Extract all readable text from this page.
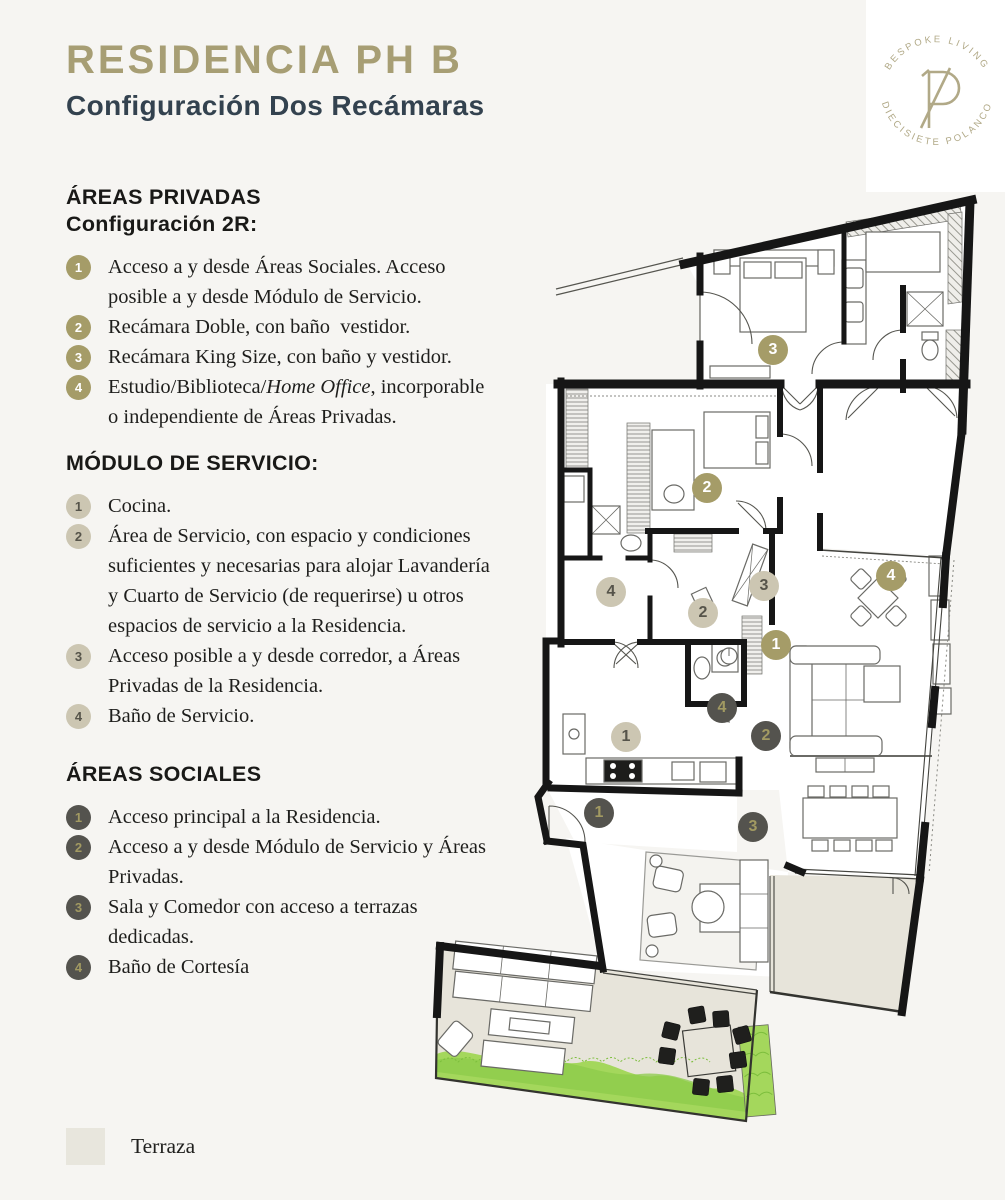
BESPOKE LIVING
DIECISIETE POLANCO
RESIDENCIA PH B
Configuración Dos Recámaras
ÁREAS PRIVADAS
Configuración 2R:
1	Acceso a y desde Áreas Sociales. Acceso posible a y desde Módulo de Servicio.

2	Recámara Doble, con baño  vestidor.

3	Recámara King Size, con baño y vestidor.

4	Estudio/Biblioteca/Home Office, incorporable o independiente de Áreas Privadas.

MÓDULO DE SERVICIO:
1	Cocina.

2	Área de Servicio, con espacio y condiciones suficientes y necesarias para alojar Lavandería y Cuarto de Servicio (de requerirse) u otros espacios de servicio a la Residencia.

3	Acceso posible a y desde corredor, a Áreas Privadas de la Residencia.

4	Baño de Servicio.

ÁREAS SOCIALES
1	Acceso principal a la Residencia.

2	Acceso a y desde Módulo de Servicio y Áreas Privadas.

3	Sala y Comedor con acceso a terrazas dedicadas.

4	Baño de Cortesía

Terraza
3
2
4
1
3
2
4
1
4
2
1
3
